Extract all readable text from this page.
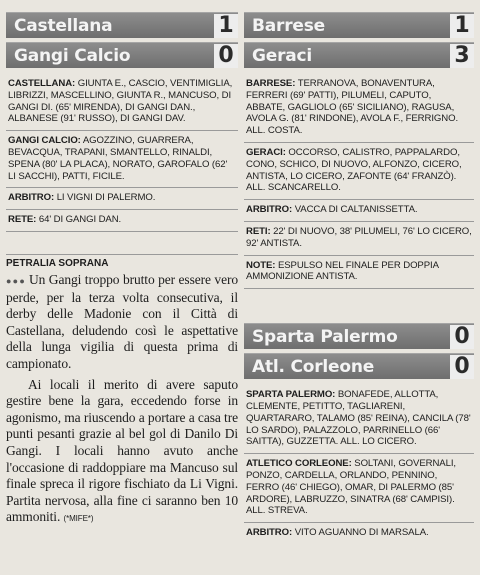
Castellana	1
Gangi Calcio	0
CASTELLANA: GIUNTA E., CASCIO, VENTIMIGLIA, LIBRIZZI, MASCELLINO, GIUNTA R., MANCUSO, DI GANGI DI. (65' MIRENDA), DI GANGI DAN., ALBANESE (91' RUSSO), DI GANGI DAV.
GANGI CALCIO: AGOZZINO, GUARRERA, BEVACQUA, TRAPANI, SMANTELLO, RINALDI, SPENA (80' LA PLACA), NORATO, GAROFALO (62' LI SACCHI), PATTI, FICILE.
ARBITRO: LI VIGNI DI PALERMO.
RETE: 64' DI GANGI DAN.
PETRALIA SOPRANA

●●● Un Gangi troppo brutto per essere vero perde, per la terza volta consecutiva, il derby delle Madonie con il Città di Castellana, deludendo così le aspettative della lunga vigilia di questa prima di campionato.

Ai locali il merito di avere saputo gestire bene la gara, eccedendo forse in agonismo, ma riuscendo a portare a casa tre punti pesanti grazie al bel gol di Danilo Di Gangi. I locali hanno avuto anche l'occasione di raddoppiare ma Mancuso sul finale spreca il rigore fischiato da Li Vigni. Partita nervosa, alla fine ci saranno ben 10 ammoniti. (*MIFE*)

Barrese	1
Geraci	3
BARRESE: TERRANOVA, BONAVENTURA, FERRERI (69' PATTI), PILUMELI, CAPUTO, ABBATE, GAGLIOLO (65' SICILIANO), RAGUSA, AVOLA G. (81' RINDONE), AVOLA F., FERRIGNO. ALL. COSTA.
GERACI: OCCORSO, CALISTRO, PAPPALARDO, CONO, SCHICO, DI NUOVO, ALFONZO, CICERO, ANTISTA, LO CICERO, ZAFONTE (64' FRANZÒ). ALL. SCANCARELLO.
ARBITRO: VACCA DI CALTANISSETTA.
RETI: 22' DI NUOVO, 38' PILUMELI, 76' LO CICERO, 92' ANTISTA.
NOTE: ESPULSO NEL FINALE PER DOPPIA AMMONIZIONE ANTISTA.
Sparta Palermo	0
Atl. Corleone	0
SPARTA PALERMO: BONAFEDE, ALLOTTA, CLEMENTE, PETITTO, TAGLIARENI, QUARTARARO, TALAMO (85' REINA), CANCILA (78' LO SARDO), PALAZZOLO, PARRINELLO (66' SAITTA), GUZZETTA. ALL. LO CICERO.
ATLETICO CORLEONE: SOLTANI, GOVERNALI, PONZO, CARDELLA, ORLANDO, PENNINO, FERRO (46' CHIEGO), OMAR, DI PALERMO (85' ARDORE), LABRUZZO, SINATRA (68' CAMPISI). ALL. STREVA.
ARBITRO: VITO AGUANNO DI MARSALA.
